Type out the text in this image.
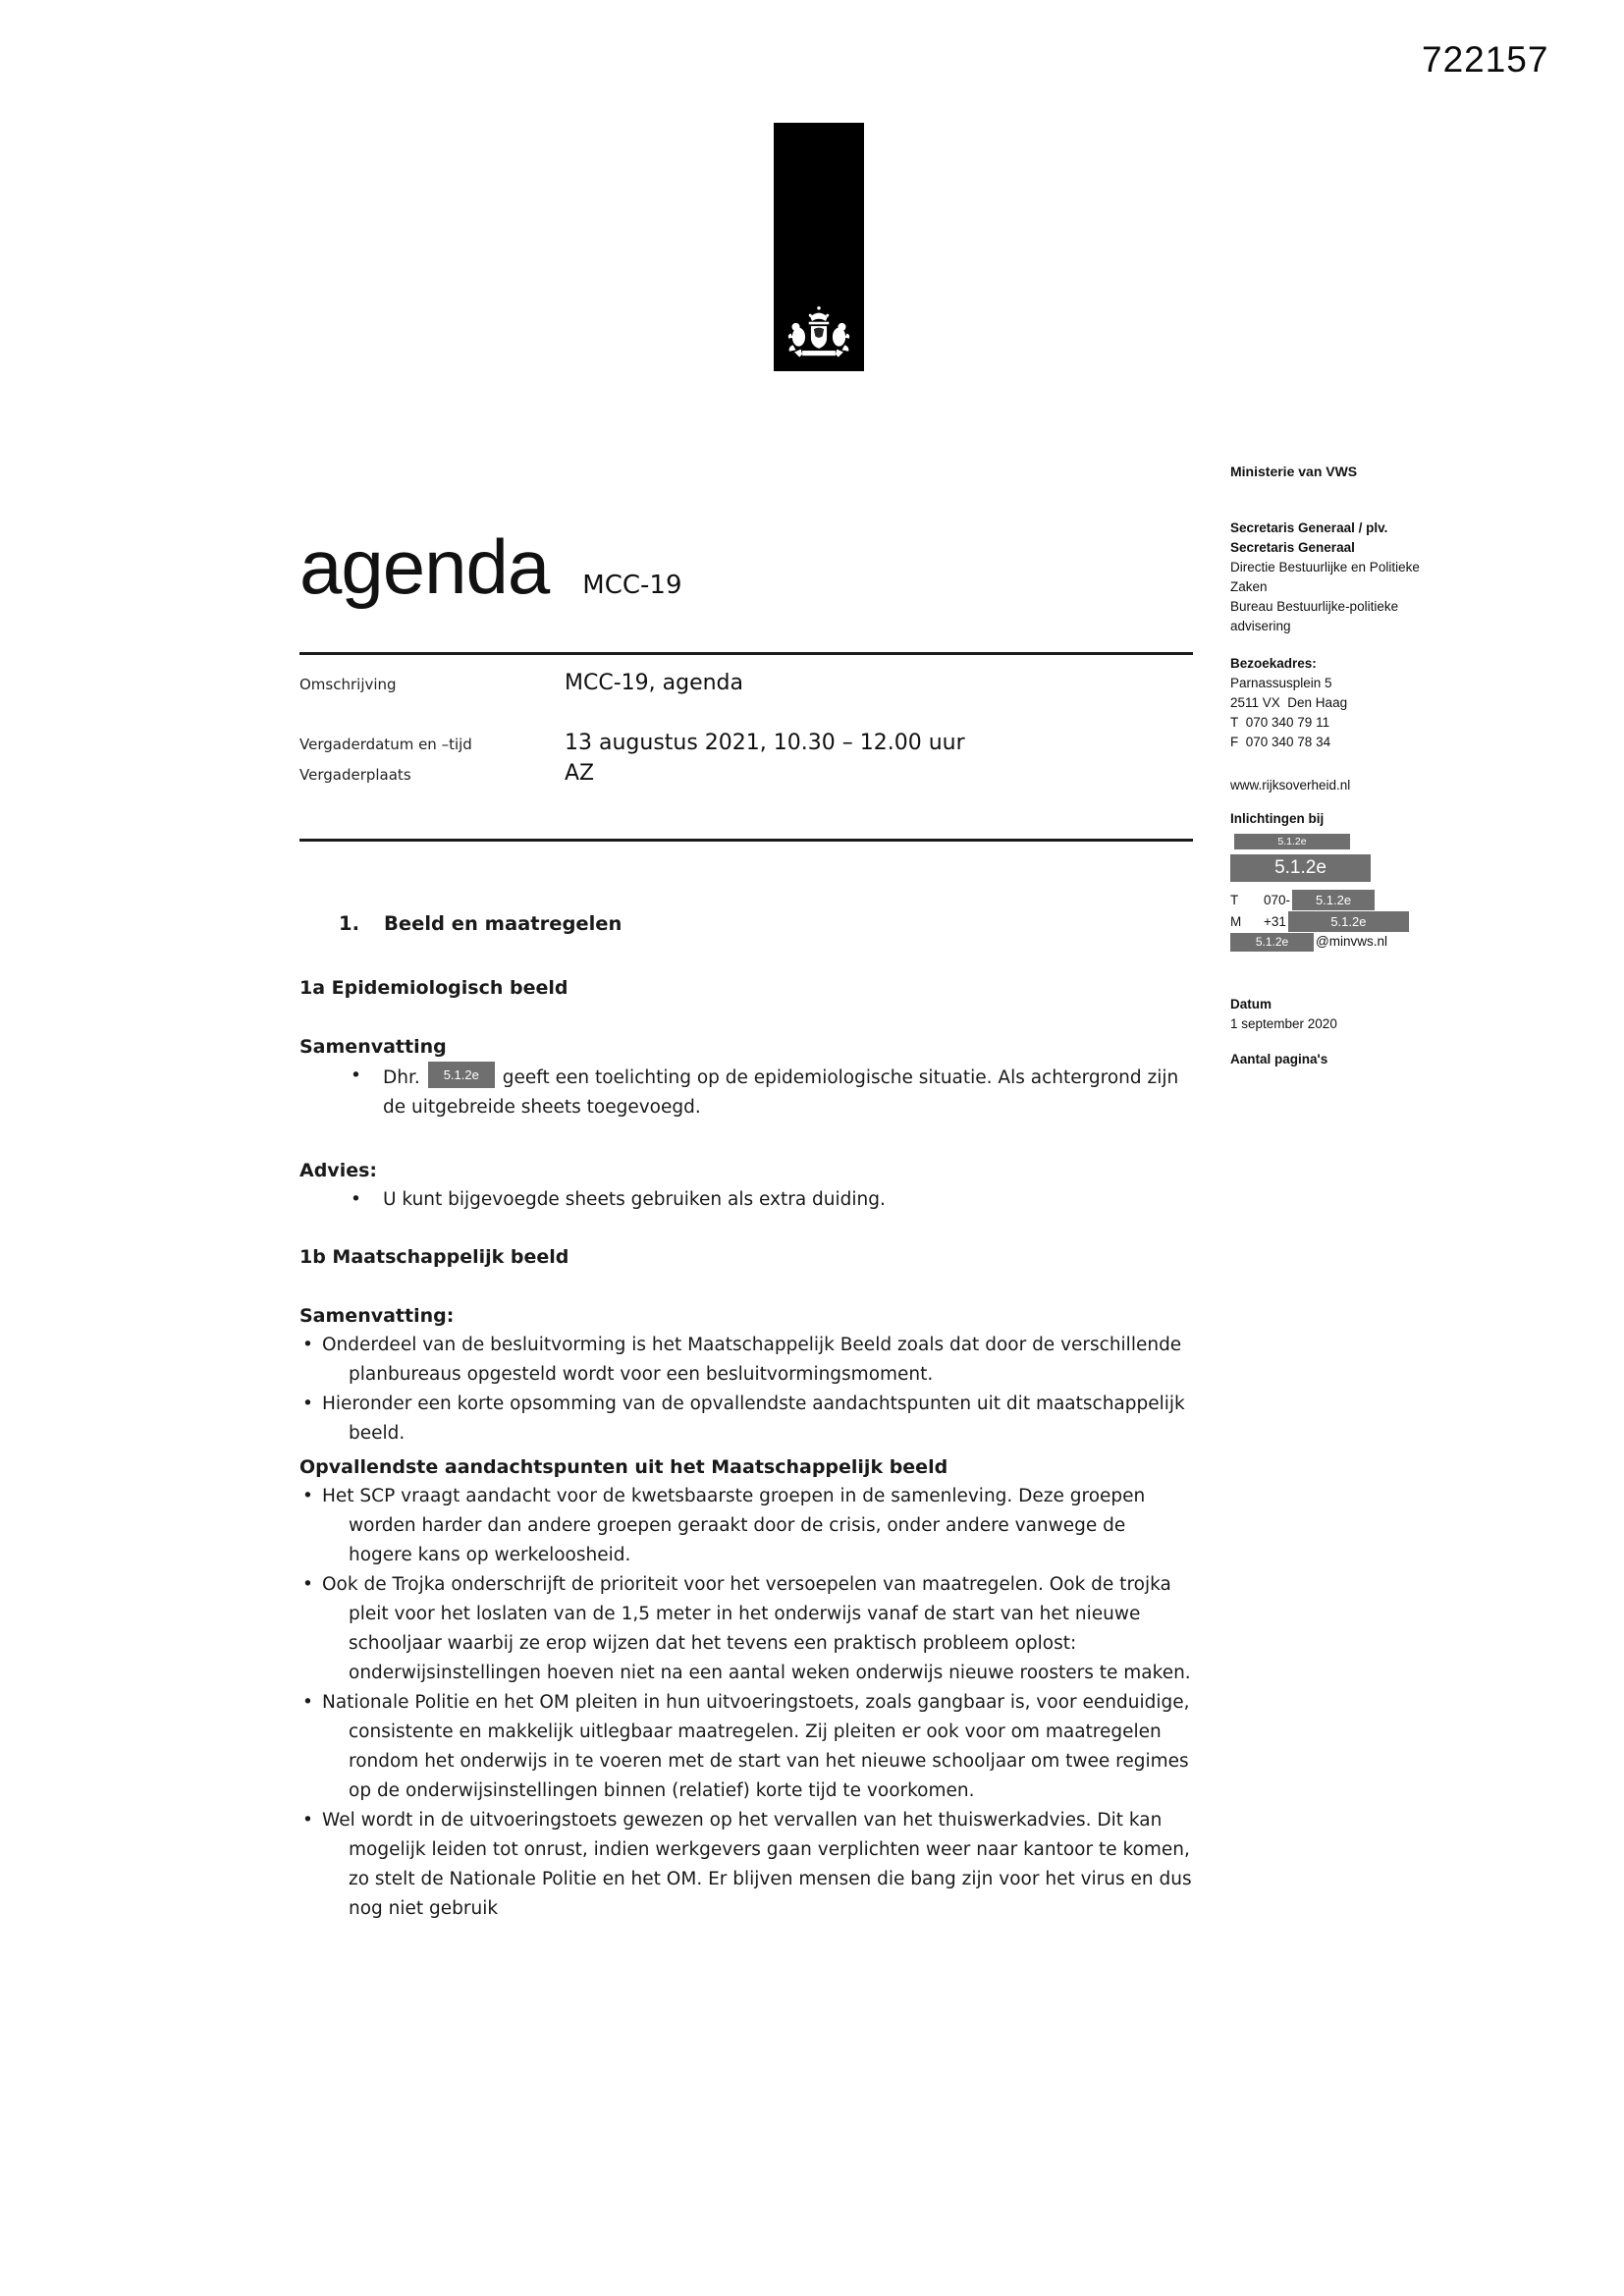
722157
Ministerie van VWS
Secretaris Generaal / plv.
Secretaris Generaal
Directie Bestuurlijke en Politieke Zaken
Bureau Bestuurlijke-politieke advisering
Bezoekadres:
Parnassusplein 5
2511 VX  Den Haag
T  070 340 79 11
F  070 340 78 34
www.rijksoverheid.nl
Inlichtingen bij
5.1.2e
5.1.2e
T	070-	5.1.2e
M	+31	5.1.2e
5.1.2e	@minvws.nl
Datum
1 september 2020
Aantal pagina's
agenda MCC-19
Omschrijving	MCC-19, agenda
Vergaderdatum en –tijd	13 augustus 2021, 10.30 – 12.00 uur
Vergaderplaats	AZ
1.	Beeld en maatregelen
1a Epidemiologisch beeld
Samenvatting
• Dhr. 5.1.2e geeft een toelichting op de epidemiologische situatie. Als achtergrond zijn de uitgebreide sheets toegevoegd.
Advies:
• U kunt bijgevoegde sheets gebruiken als extra duiding.
1b Maatschappelijk beeld
Samenvatting:
• Onderdeel van de besluitvorming is het Maatschappelijk Beeld zoals dat door de verschillende planbureaus opgesteld wordt voor een besluitvormingsmoment.
• Hieronder een korte opsomming van de opvallendste aandachtspunten uit dit maatschappelijk beeld.
Opvallendste aandachtspunten uit het Maatschappelijk beeld
• Het SCP vraagt aandacht voor de kwetsbaarste groepen in de samenleving. Deze groepen worden harder dan andere groepen geraakt door de crisis, onder andere vanwege de hogere kans op werkeloosheid.
• Ook de Trojka onderschrijft de prioriteit voor het versoepelen van maatregelen. Ook de trojka pleit voor het loslaten van de 1,5 meter in het onderwijs vanaf de start van het nieuwe schooljaar waarbij ze erop wijzen dat het tevens een praktisch probleem oplost: onderwijsinstellingen hoeven niet na een aantal weken onderwijs nieuwe roosters te maken.
• Nationale Politie en het OM pleiten in hun uitvoeringstoets, zoals gangbaar is, voor eenduidige, consistente en makkelijk uitlegbaar maatregelen. Zij pleiten er ook voor om maatregelen rondom het onderwijs in te voeren met de start van het nieuwe schooljaar om twee regimes op de onderwijsinstellingen binnen (relatief) korte tijd te voorkomen.
• Wel wordt in de uitvoeringstoets gewezen op het vervallen van het thuiswerkadvies. Dit kan mogelijk leiden tot onrust, indien werkgevers gaan verplichten weer naar kantoor te komen, zo stelt de Nationale Politie en het OM. Er blijven mensen die bang zijn voor het virus en dus nog niet gebruik
